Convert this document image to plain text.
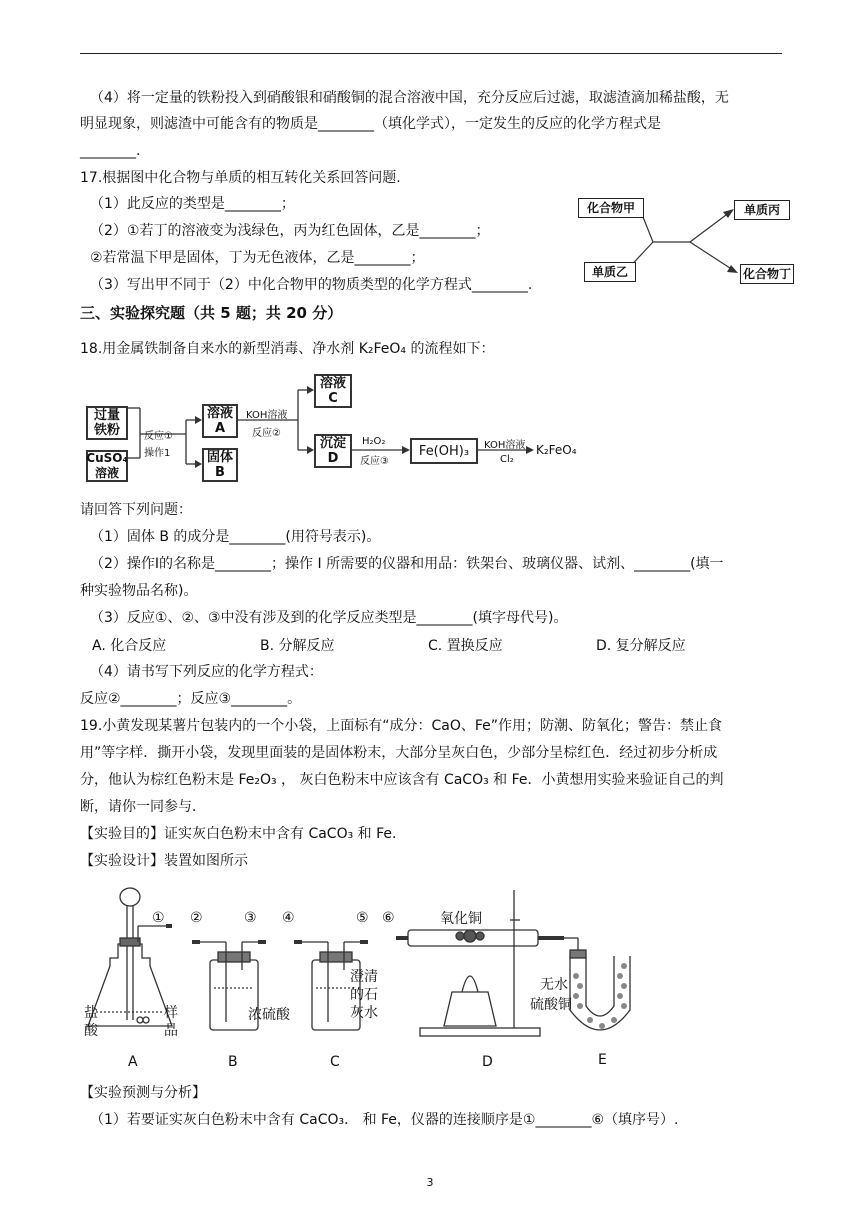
（4）将一定量的铁粉投入到硝酸银和硝酸铜的混合溶液中国，充分反应后过滤，取滤渣滴加稀盐酸，无
明显现象，则滤渣中可能含有的物质是________（填化学式），一定发生的反应的化学方程式是
________.
17.根据图中化合物与单质的相互转化关系回答问题.
（1）此反应的类型是________；
（2）①若丁的溶液变为浅绿色，丙为红色固体，乙是________；
②若常温下甲是固体，丁为无色液体，乙是________；
（3）写出甲不同于（2）中化合物甲的物质类型的化学方程式________.
化合物甲
单质乙
单质丙
化合物丁
三、实验探究题（共 5 题；共 20 分）
18.用金属铁制备自来水的新型消毒、净水剂 K₂FeO₄ 的流程如下：
过量
铁粉
CuSO₄
溶液
反应①
操作1
溶液
A
固体
B
KOH溶液
反应②
溶液
C
沉淀
D
H₂O₂
反应③
Fe(OH)₃	KOH溶液
Cl₂
K₂FeO₄
请回答下列问题：
（1）固体 B 的成分是________(用符号表示)。
（2）操作Ⅰ的名称是________；操作 I 所需要的仪器和用品：铁架台、玻璃仪器、试剂、________(填一
种实验物品名称)。
（3）反应①、②、③中没有涉及到的化学反应类型是________(填字母代号)。
A. 化合反应	B. 分解反应	C. 置换反应	D. 复分解反应
（4）请书写下列反应的化学方程式：
反应②________；反应③________。
19.小黄发现某薯片包装内的一个小袋，上面标有“成分：CaO、Fe”作用；防潮、防氧化；警告：禁止食
用”等字样．撕开小袋，发现里面装的是固体粉末，大部分呈灰白色，少部分呈棕红色．经过初步分析成
分，他认为棕红色粉末是 Fe₂O₃ ， 灰白色粉末中应该含有 CaCO₃ 和 Fe．小黄想用实验来验证自己的判
断，请你一同参与．
【实验目的】证实灰白色粉末中含有 CaCO₃ 和 Fe.
【实验设计】装置如图所示
① ②	③ ④	⑤ ⑥
盐
酸
样
品
浓硫酸
澄清
的石
灰水
氧化铜
无水
硫酸铜
A	B	C	D	E
【实验预测与分析】
（1）若要证实灰白色粉末中含有 CaCO₃． 和 Fe，仪器的连接顺序是①________⑥（填序号）.
3
